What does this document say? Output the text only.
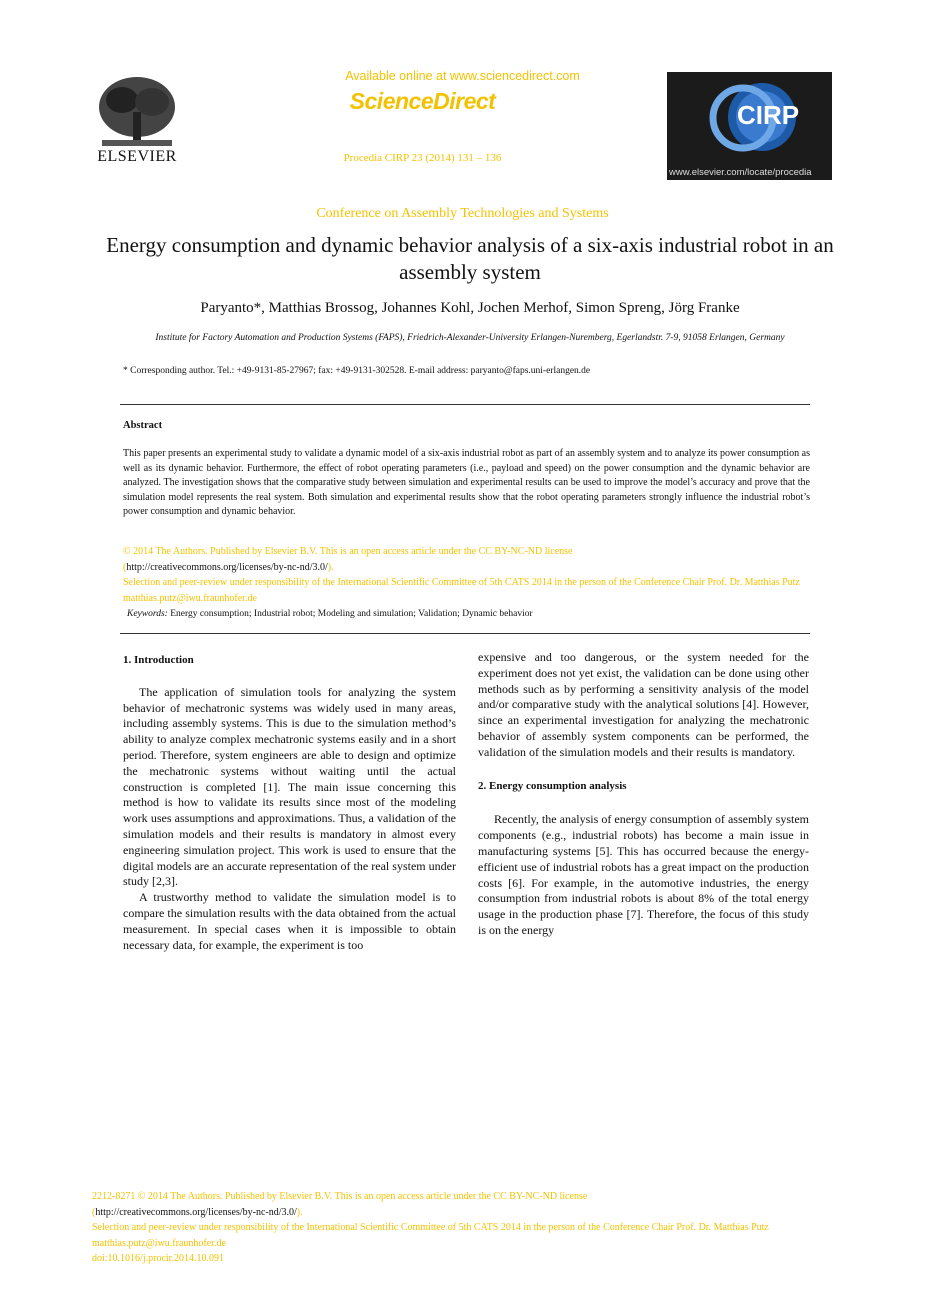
ELSEVIER
Available online at www.sciencedirect.com
ScienceDirect
Procedia CIRP 23 (2014) 131 – 136
CIRP
www.elsevier.com/locate/procedia
Conference on Assembly Technologies and Systems
Energy consumption and dynamic behavior analysis of a six-axis industrial robot in an assembly system
Paryanto*, Matthias Brossog, Johannes Kohl, Jochen Merhof, Simon Spreng, Jörg Franke
Institute for Factory Automation and Production Systems (FAPS), Friedrich-Alexander-University Erlangen-Nuremberg, Egerlandstr. 7-9, 91058 Erlangen, Germany
* Corresponding author. Tel.: +49-9131-85-27967; fax: +49-9131-302528. E-mail address: paryanto@faps.uni-erlangen.de
Abstract
This paper presents an experimental study to validate a dynamic model of a six-axis industrial robot as part of an assembly system and to analyze its power consumption as well as its dynamic behavior. Furthermore, the effect of robot operating parameters (i.e., payload and speed) on the power consumption and the dynamic behavior are analyzed. The investigation shows that the comparative study between simulation and experimental results can be used to improve the model’s accuracy and prove that the simulation model represents the real system. Both simulation and experimental results show that the robot operating parameters strongly influence the industrial robot’s power consumption and dynamic behavior.
© 2014 The Authors. Published by Elsevier B.V. This is an open access article under the CC BY-NC-ND license
(http://creativecommons.org/licenses/by-nc-nd/3.0/).
Selection and peer-review under responsibility of the International Scientific Committee of 5th CATS 2014 in the person of the Conference Chair Prof. Dr. Matthias Putz matthias.putz@iwu.fraunhofer.de
Keywords: Energy consumption; Industrial robot; Modeling and simulation; Validation; Dynamic behavior
1. Introduction

The application of simulation tools for analyzing the system behavior of mechatronic systems was widely used in many areas, including assembly systems. This is due to the simulation method’s ability to analyze complex mechatronic systems easily and in a short period. Therefore, system engineers are able to design and optimize the mechatronic systems without waiting until the actual construction is completed [1]. The main issue concerning this method is how to validate its results since most of the modeling work uses assumptions and approximations. Thus, a validation of the simulation models and their results is mandatory in almost every engineering simulation project. This work is used to ensure that the digital models are an accurate representation of the real system under study [2,3].

A trustworthy method to validate the simulation model is to compare the simulation results with the data obtained from the actual measurement. In special cases when it is impossible to obtain necessary data, for example, the experiment is too

expensive and too dangerous, or the system needed for the experiment does not yet exist, the validation can be done using other methods such as by performing a sensitivity analysis of the model and/or comparative study with the analytical solutions [4]. However, since an experimental investigation for analyzing the mechatronic behavior of assembly system components can be performed, the validation of the simulation models and their results is mandatory.

2. Energy consumption analysis

Recently, the analysis of energy consumption of assembly system components (e.g., industrial robots) has become a main issue in manufacturing systems [5]. This has occurred because the energy-efficient use of industrial robots has a great impact on the production costs [6]. For example, in the automotive industries, the energy consumption from industrial robots is about 8% of the total energy usage in the production phase [7]. Therefore, the focus of this study is on the energy

2212-8271 © 2014 The Authors. Published by Elsevier B.V. This is an open access article under the CC BY-NC-ND license
(http://creativecommons.org/licenses/by-nc-nd/3.0/).
Selection and peer-review under responsibility of the International Scientific Committee of 5th CATS 2014 in the person of the Conference Chair Prof. Dr. Matthias Putz matthias.putz@iwu.fraunhofer.de
doi:10.1016/j.procir.2014.10.091
